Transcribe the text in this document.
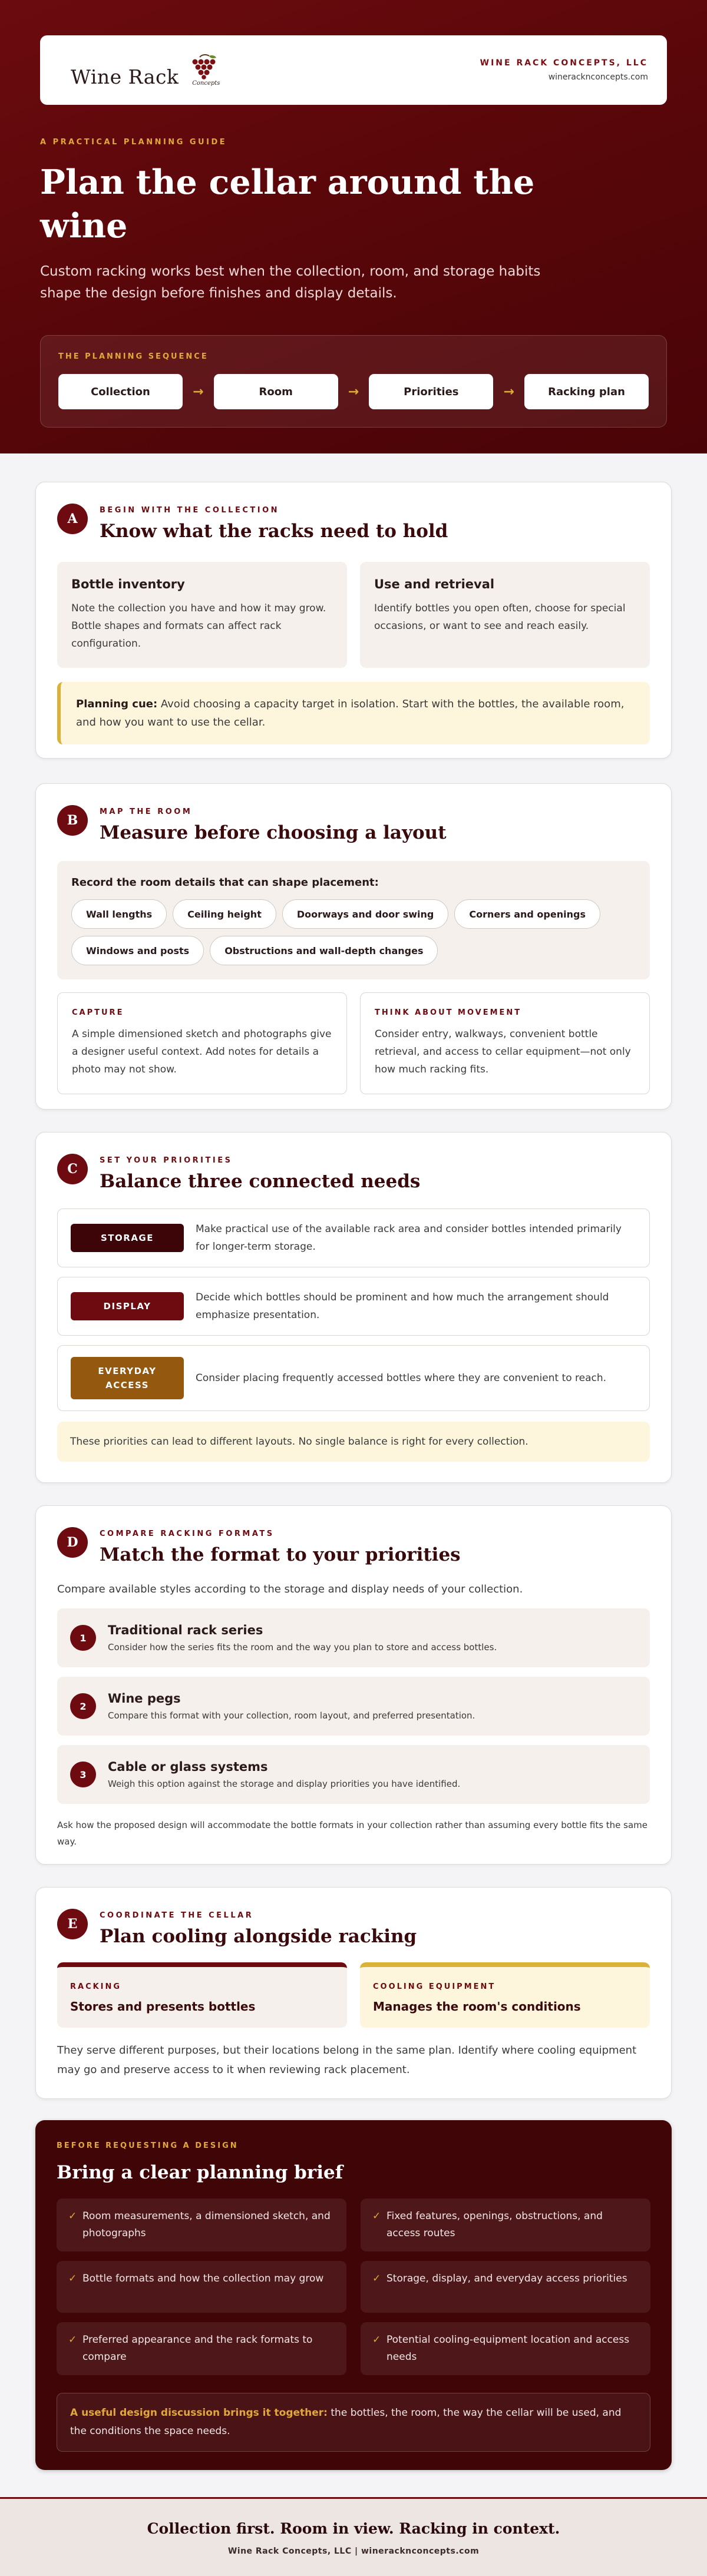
Wine Rack Concepts
WINE RACK CONCEPTS, LLC
wineracknconcepts.com
A PRACTICAL PLANNING GUIDE
Plan the cellar around the wine

Custom racking works best when the collection, room, and storage habits shape the design before finishes and display details.

THE PLANNING SEQUENCE
Collection	→	Room	→	Priorities	→	Racking plan
A
BEGIN WITH THE COLLECTION
Know what the racks need to hold
Bottle inventory
Note the collection you have and how it may grow. Bottle shapes and formats can affect rack configuration.
Use and retrieval
Identify bottles you open often, choose for special occasions, or want to see and reach easily.
Planning cue: Avoid choosing a capacity target in isolation. Start with the bottles, the available room, and how you want to use the cellar.
B
MAP THE ROOM
Measure before choosing a layout
Record the room details that can shape placement:
Wall lengths	Ceiling height	Doorways and door swing	Corners and openings
Windows and posts	Obstructions and wall-depth changes
CAPTURE
A simple dimensioned sketch and photographs give a designer useful context. Add notes for details a photo may not show.
THINK ABOUT MOVEMENT
Consider entry, walkways, convenient bottle retrieval, and access to cellar equipment—not only how much racking fits.
C
SET YOUR PRIORITIES
Balance three connected needs
STORAGE
Make practical use of the available rack area and consider bottles intended primarily for longer-term storage.
DISPLAY
Decide which bottles should be prominent and how much the arrangement should emphasize presentation.
EVERYDAY ACCESS
Consider placing frequently accessed bottles where they are convenient to reach.
These priorities can lead to different layouts. No single balance is right for every collection.
D
COMPARE RACKING FORMATS
Match the format to your priorities
Compare available styles according to the storage and display needs of your collection.
1
Traditional rack series
Consider how the series fits the room and the way you plan to store and access bottles.
2
Wine pegs
Compare this format with your collection, room layout, and preferred presentation.
3
Cable or glass systems
Weigh this option against the storage and display priorities you have identified.
Ask how the proposed design will accommodate the bottle formats in your collection rather than assuming every bottle fits the same way.
E
COORDINATE THE CELLAR
Plan cooling alongside racking
RACKING
Stores and presents bottles
COOLING EQUIPMENT
Manages the room's conditions
They serve different purposes, but their locations belong in the same plan. Identify where cooling equipment may go and preserve access to it when reviewing rack placement.
BEFORE REQUESTING A DESIGN
Bring a clear planning brief
✓ Room measurements, a dimensioned sketch, and photographs
✓ Fixed features, openings, obstructions, and access routes
✓ Bottle formats and how the collection may grow	✓ Storage, display, and everyday access priorities
✓ Preferred appearance and the rack formats to compare
✓ Potential cooling-equipment location and access needs
A useful design discussion brings it together: the bottles, the room, the way the cellar will be used, and the conditions the space needs.
Collection first. Room in view. Racking in context.
Wine Rack Concepts, LLC | wineracknconcepts.com
